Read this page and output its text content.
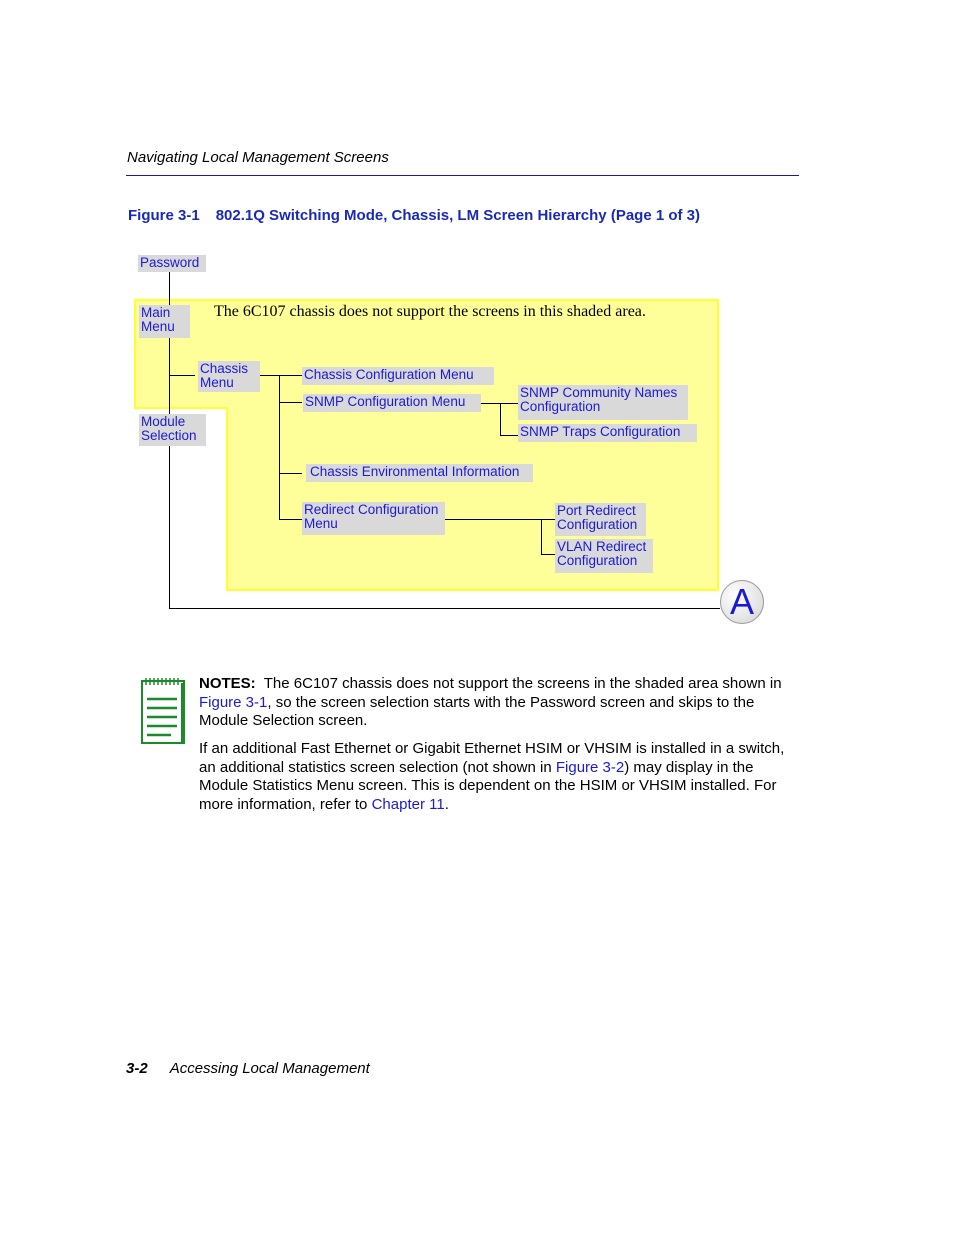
Navigating Local Management Screens
Figure 3-1 802.1Q Switching Mode, Chassis, LM Screen Hierarchy (Page 1 of 3)
The 6C107 chassis does not support the screens in this shaded area.
Password
Main
Menu
Module
Selection
Chassis
Menu
Chassis Configuration Menu
SNMP Configuration Menu
SNMP Community Names
Configuration
SNMP Traps Configuration
Chassis Environmental Information
Redirect Configuration
Menu
Port Redirect
Configuration
VLAN Redirect
Configuration
A
NOTES: The 6C107 chassis does not support the screens in the shaded area shown in Figure 3-1, so the screen selection starts with the Password screen and skips to the Module Selection screen.
If an additional Fast Ethernet or Gigabit Ethernet HSIM or VHSIM is installed in a switch, an additional statistics screen selection (not shown in Figure 3-2) may display in the Module Statistics Menu screen. This is dependent on the HSIM or VHSIM installed. For more information, refer to Chapter 11.
3-2 Accessing Local Management
